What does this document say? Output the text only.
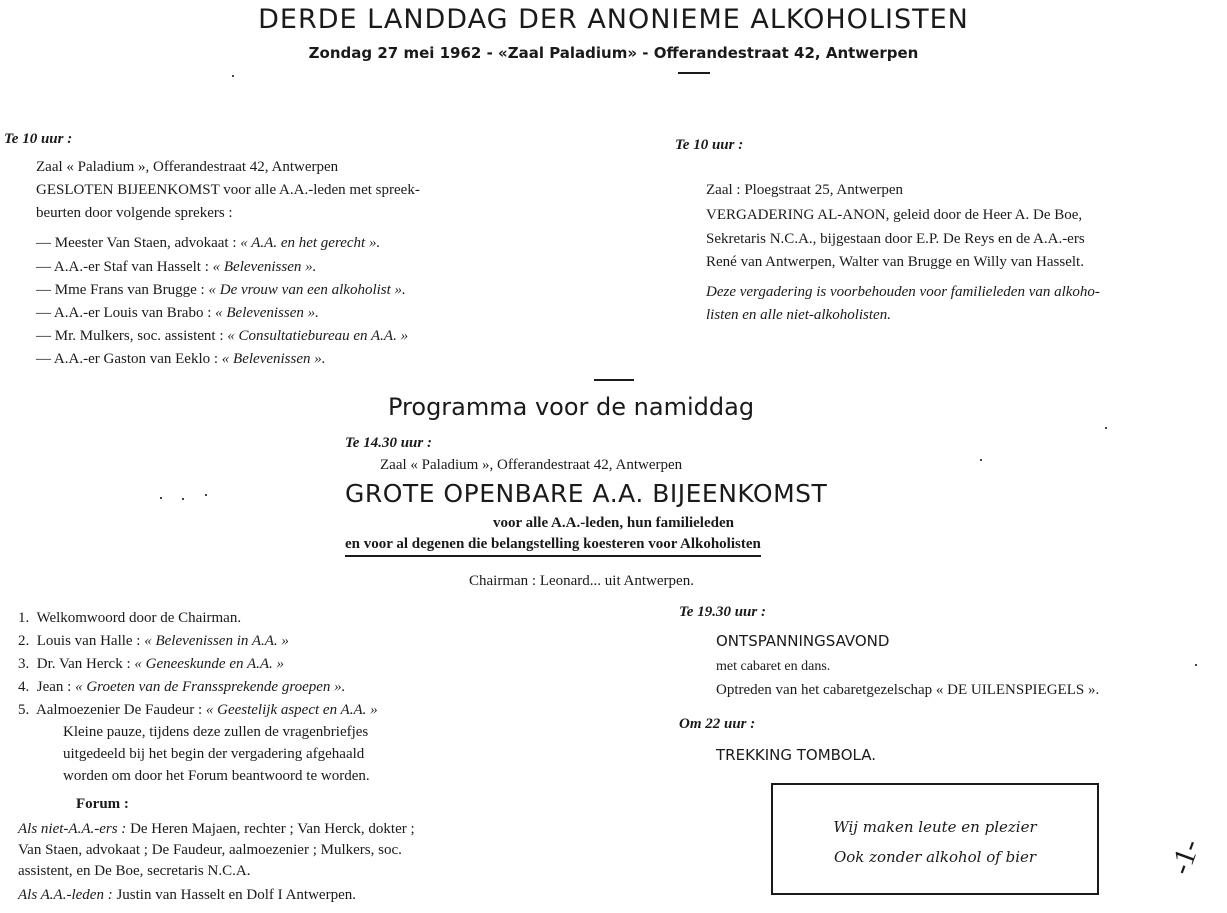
DERDE LANDDAG DER ANONIEME ALKOHOLISTEN
Zondag 27 mei 1962 - «Zaal Paladium» - Offerandestraat 42, Antwerpen
Te 10 uur :
Zaal « Paladium », Offerandestraat 42, Antwerpen
GESLOTEN BIJEENKOMST voor alle A.A.-leden met spreek-
beurten door volgende sprekers :
— Meester Van Staen, advokaat : « A.A. en het gerecht ».
— A.A.-er Staf van Hasselt : « Belevenissen ».
— Mme Frans van Brugge : « De vrouw van een alkoholist ».
— A.A.-er Louis van Brabo : « Belevenissen ».
— Mr. Mulkers, soc. assistent : « Consultatiebureau en A.A. »
— A.A.-er Gaston van Eeklo : « Belevenissen ».
Te 10 uur :
Zaal : Ploegstraat 25, Antwerpen
VERGADERING AL-ANON, geleid door de Heer A. De Boe,
Sekretaris N.C.A., bijgestaan door E.P. De Reys en de A.A.-ers
René van Antwerpen, Walter van Brugge en Willy van Hasselt.
Deze vergadering is voorbehouden voor familieleden van alkoho-
listen en alle niet-alkoholisten.
Programma voor de namiddag
Te 14.30 uur :
Zaal « Paladium », Offerandestraat 42, Antwerpen
GROTE OPENBARE A.A. BIJEENKOMST
voor alle A.A.-leden, hun familieleden
en voor al degenen die belangstelling koesteren voor Alkoholisten
Chairman : Leonard... uit Antwerpen.
1. Welkomwoord door de Chairman.
2. Louis van Halle : « Belevenissen in A.A. »
3. Dr. Van Herck : « Geneeskunde en A.A. »
4. Jean : « Groeten van de Franssprekende groepen ».
5. Aalmoezenier De Faudeur : « Geestelijk aspect en A.A. »
Kleine pauze, tijdens deze zullen de vragenbriefjes
uitgedeeld bij het begin der vergadering afgehaald
worden om door het Forum beantwoord te worden.
Forum :
Als niet-A.A.-ers : De Heren Majaen, rechter ; Van Herck, dokter ;
Van Staen, advokaat ; De Faudeur, aalmoezenier ; Mulkers, soc.
assistent, en De Boe, secretaris N.C.A.
Als A.A.-leden : Justin van Hasselt en Dolf I Antwerpen.
Te 19.30 uur :
ONTSPANNINGSAVOND
met cabaret en dans.
Optreden van het cabaretgezelschap « DE UILENSPIEGELS ».
Om 22 uur :
TREKKING TOMBOLA.
Wij maken leute en plezier
Ook zonder alkohol of bier	-1-
